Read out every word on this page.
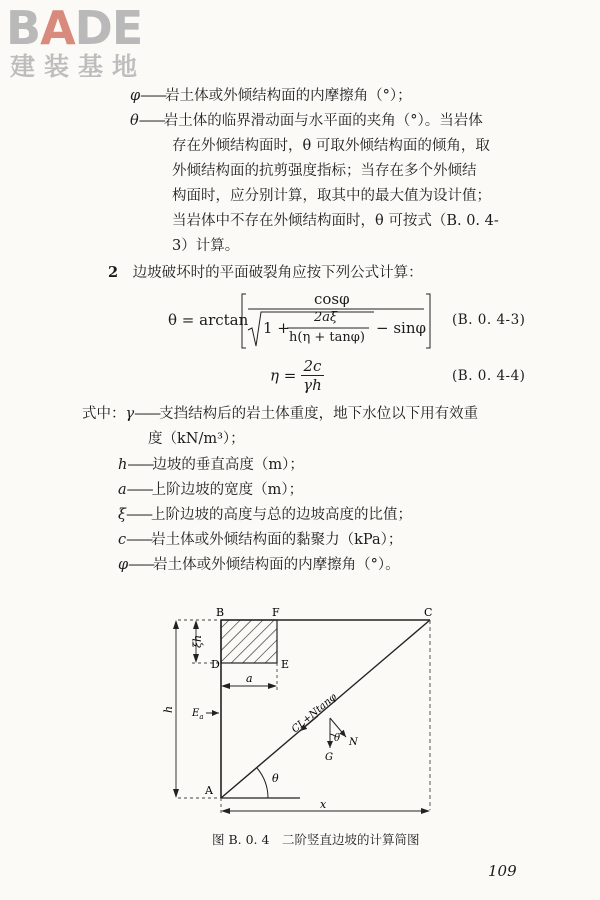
BADE
建装基地
φ——岩土体或外倾结构面的内摩擦角（°）；
θ——岩土体的临界滑动面与水平面的夹角（°）。当岩体
存在外倾结构面时，θ 可取外倾结构面的倾角，取
外倾结构面的抗剪强度指标；当存在多个外倾结
构面时，应分别计算，取其中的最大值为设计值；
当岩体中不存在外倾结构面时，θ 可按式（B. 0. 4-
3）计算。
2　 边坡破坏时的平面破裂角应按下列公式计算：
θ = arctan
cosφ
1 +
2aξ
h(η + tanφ)
− sinφ (B. 0. 4-3)
$\eta = \frac{2c}{\gamma h}$	(B. 0. 4-4)
式中：γ——支挡结构后的岩土体重度，地下水位以下用有效重
度（kN/m³）；
h——边坡的垂直高度（m）；
a——上阶边坡的宽度（m）；
ξ——上阶边坡的高度与总的边坡高度的比值；
c——岩土体或外倾结构面的黏聚力（kPa）；
φ——岩土体或外倾结构面的内摩擦角（°）。
B	F	C
D	E
A
ξh
h
a
x
$E_a$	CL+Ntanφ
θ
θ N
G
图 B. 0. 4　二阶竖直边坡的计算简图
109
